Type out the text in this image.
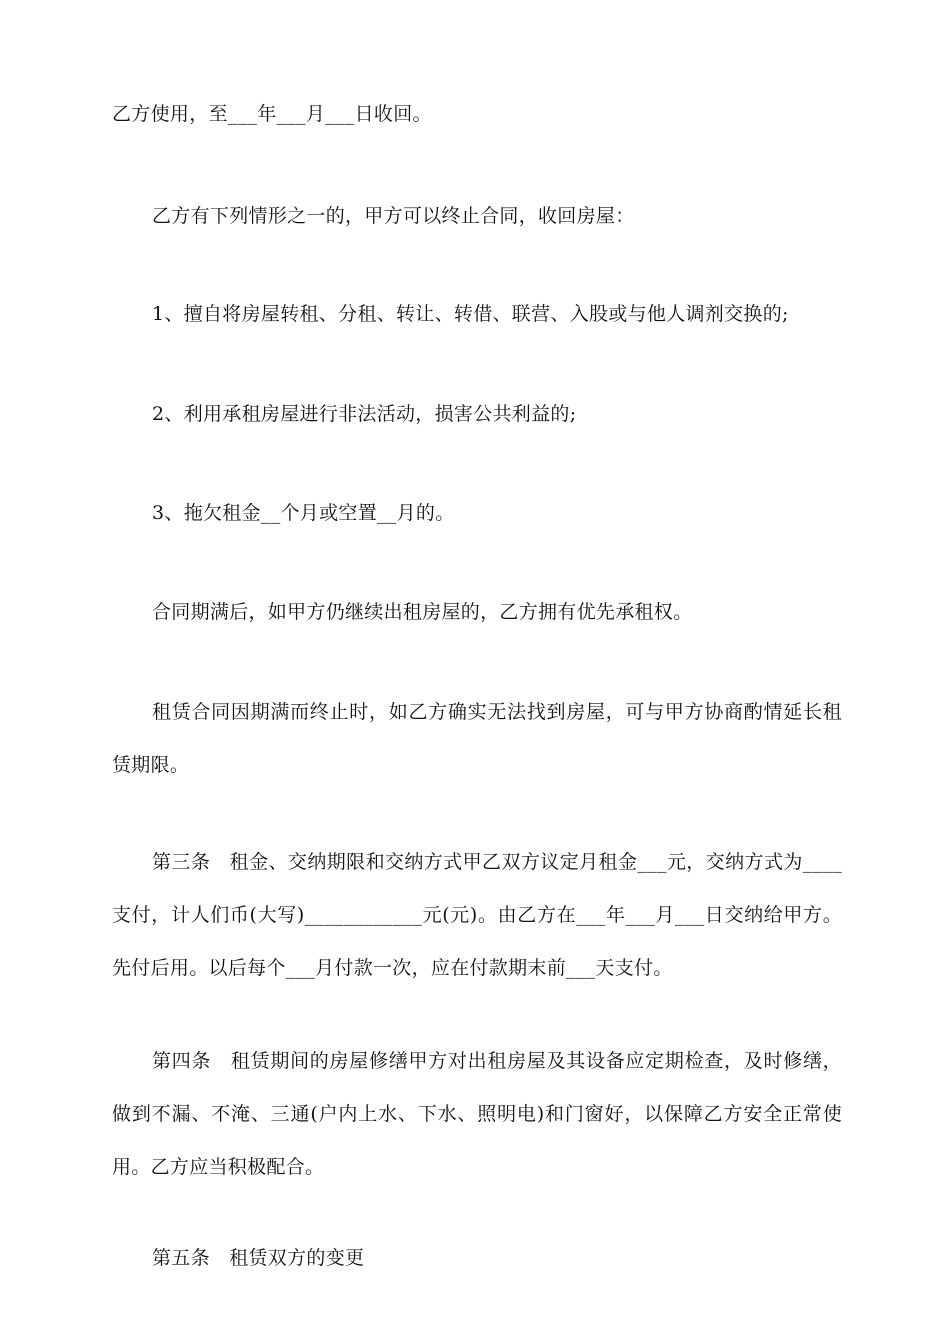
乙方使用，至___年___月___日收回。

乙方有下列情形之一的，甲方可以终止合同，收回房屋：

1、擅自将房屋转租、分租、转让、转借、联营、入股或与他人调剂交换的;

2、利用承租房屋进行非法活动，损害公共利益的;

3、拖欠租金__个月或空置__月的。

合同期满后，如甲方仍继续出租房屋的，乙方拥有优先承租权。

租赁合同因期满而终止时，如乙方确实无法找到房屋，可与甲方协商酌情延长租赁期限。

第三条　租金、交纳期限和交纳方式甲乙双方议定月租金___元，交纳方式为____支付，计人们币(大写)____________元(元)。由乙方在___年___月___日交纳给甲方。先付后用。以后每个___月付款一次，应在付款期末前___天支付。

第四条　租赁期间的房屋修缮甲方对出租房屋及其设备应定期检查，及时修缮，做到不漏、不淹、三通(户内上水、下水、照明电)和门窗好，以保障乙方安全正常使用。乙方应当积极配合。

第五条　租赁双方的变更
